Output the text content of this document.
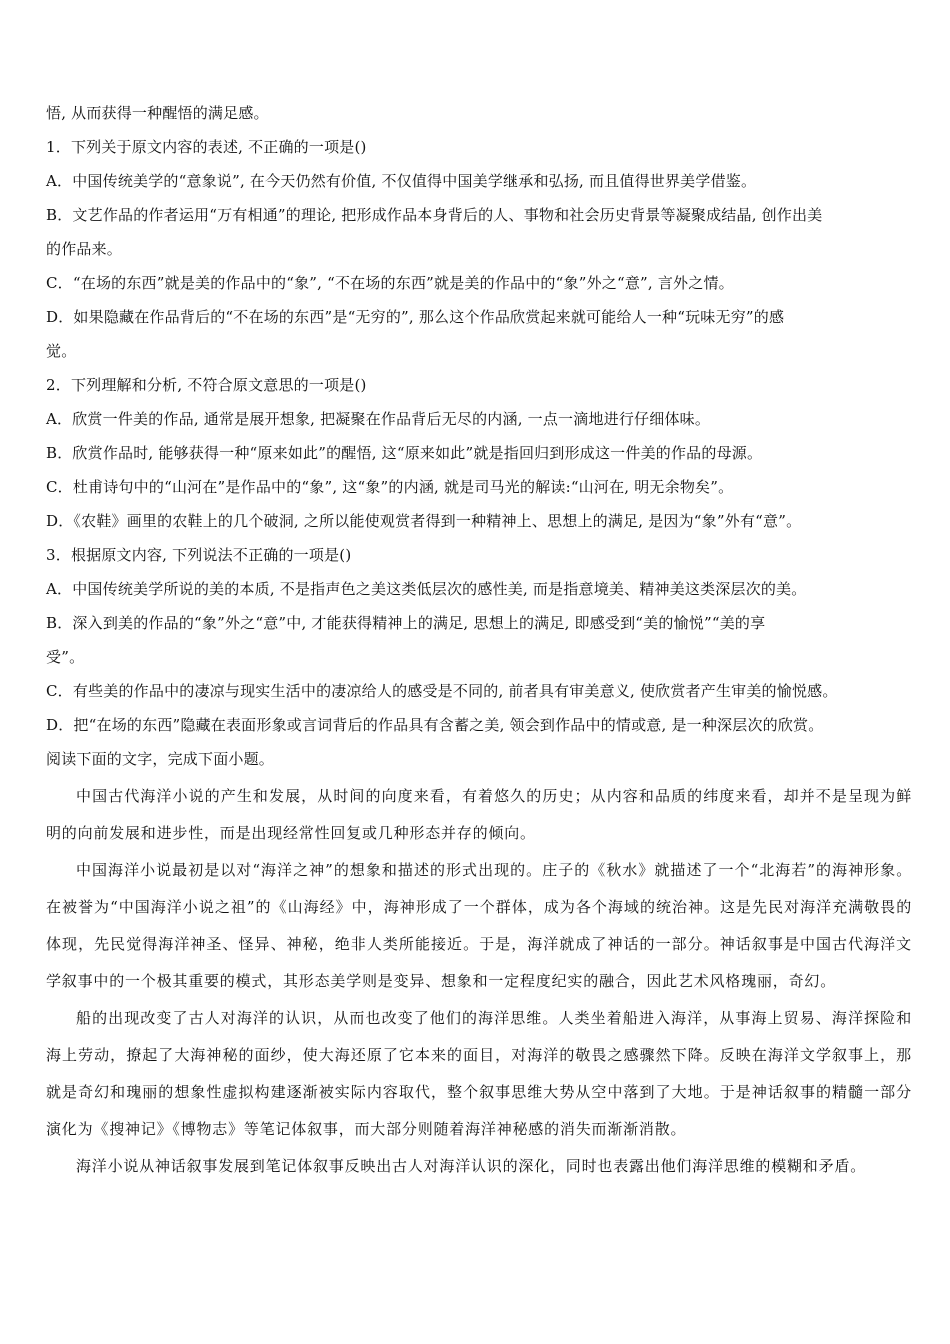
悟, 从而获得一种醒悟的满足感。
1．下列关于原文内容的表述, 不正确的一项是()
A．中国传统美学的“意象说”, 在今天仍然有价值, 不仅值得中国美学继承和弘扬, 而且值得世界美学借鉴。
B．文艺作品的作者运用“万有相通”的理论, 把形成作品本身背后的人、事物和社会历史背景等凝聚成结晶, 创作出美
的作品来。
C．“在场的东西”就是美的作品中的“象”, “不在场的东西”就是美的作品中的“象”外之“意”, 言外之情。
D．如果隐藏在作品背后的“不在场的东西”是“无穷的”, 那么这个作品欣赏起来就可能给人一种“玩味无穷”的感
觉。
2．下列理解和分析, 不符合原文意思的一项是()
A．欣赏一件美的作品, 通常是展开想象, 把凝聚在作品背后无尽的内涵, 一点一滴地进行仔细体味。
B．欣赏作品时, 能够获得一种“原来如此”的醒悟, 这“原来如此”就是指回归到形成这一件美的作品的母源。
C．杜甫诗句中的“山河在”是作品中的“象”, 这“象”的内涵, 就是司马光的解读:“山河在, 明无余物矣”。
D．《农鞋》画里的农鞋上的几个破洞, 之所以能使观赏者得到一种精神上、思想上的满足, 是因为“象”外有“意”。
3．根据原文内容, 下列说法不正确的一项是()
A．中国传统美学所说的美的本质, 不是指声色之美这类低层次的感性美, 而是指意境美、精神美这类深层次的美。
B．深入到美的作品的“象”外之“意”中, 才能获得精神上的满足, 思想上的满足, 即感受到“美的愉悦”“美的享
受”。
C．有些美的作品中的凄凉与现实生活中的凄凉给人的感受是不同的, 前者具有审美意义, 使欣赏者产生审美的愉悦感。
D．把“在场的东西”隐藏在表面形象或言词背后的作品具有含蓄之美, 领会到作品中的情或意, 是一种深层次的欣赏。
阅读下面的文字，完成下面小题。

中国古代海洋小说的产生和发展，从时间的向度来看，有着悠久的历史；从内容和品质的纬度来看，却并不是呈现为鲜明的向前发展和进步性，而是出现经常性回复或几种形态并存的倾向。

中国海洋小说最初是以对“海洋之神”的想象和描述的形式出现的。庄子的《秋水》就描述了一个“北海若”的海神形象。在被誉为“中国海洋小说之祖”的《山海经》中，海神形成了一个群体，成为各个海域的统治神。这是先民对海洋充满敬畏的体现，先民觉得海洋神圣、怪异、神秘，绝非人类所能接近。于是，海洋就成了神话的一部分。神话叙事是中国古代海洋文学叙事中的一个极其重要的模式，其形态美学则是变异、想象和一定程度纪实的融合，因此艺术风格瑰丽，奇幻。

船的出现改变了古人对海洋的认识，从而也改变了他们的海洋思维。人类坐着船进入海洋，从事海上贸易、海洋探险和海上劳动，撩起了大海神秘的面纱，使大海还原了它本来的面目，对海洋的敬畏之感骤然下降。反映在海洋文学叙事上，那就是奇幻和瑰丽的想象性虚拟构建逐渐被实际内容取代，整个叙事思维大势从空中落到了大地。于是神话叙事的精髓一部分演化为《搜神记》《博物志》等笔记体叙事，而大部分则随着海洋神秘感的消失而渐渐消散。

海洋小说从神话叙事发展到笔记体叙事反映出古人对海洋认识的深化，同时也表露出他们海洋思维的模糊和矛盾。
